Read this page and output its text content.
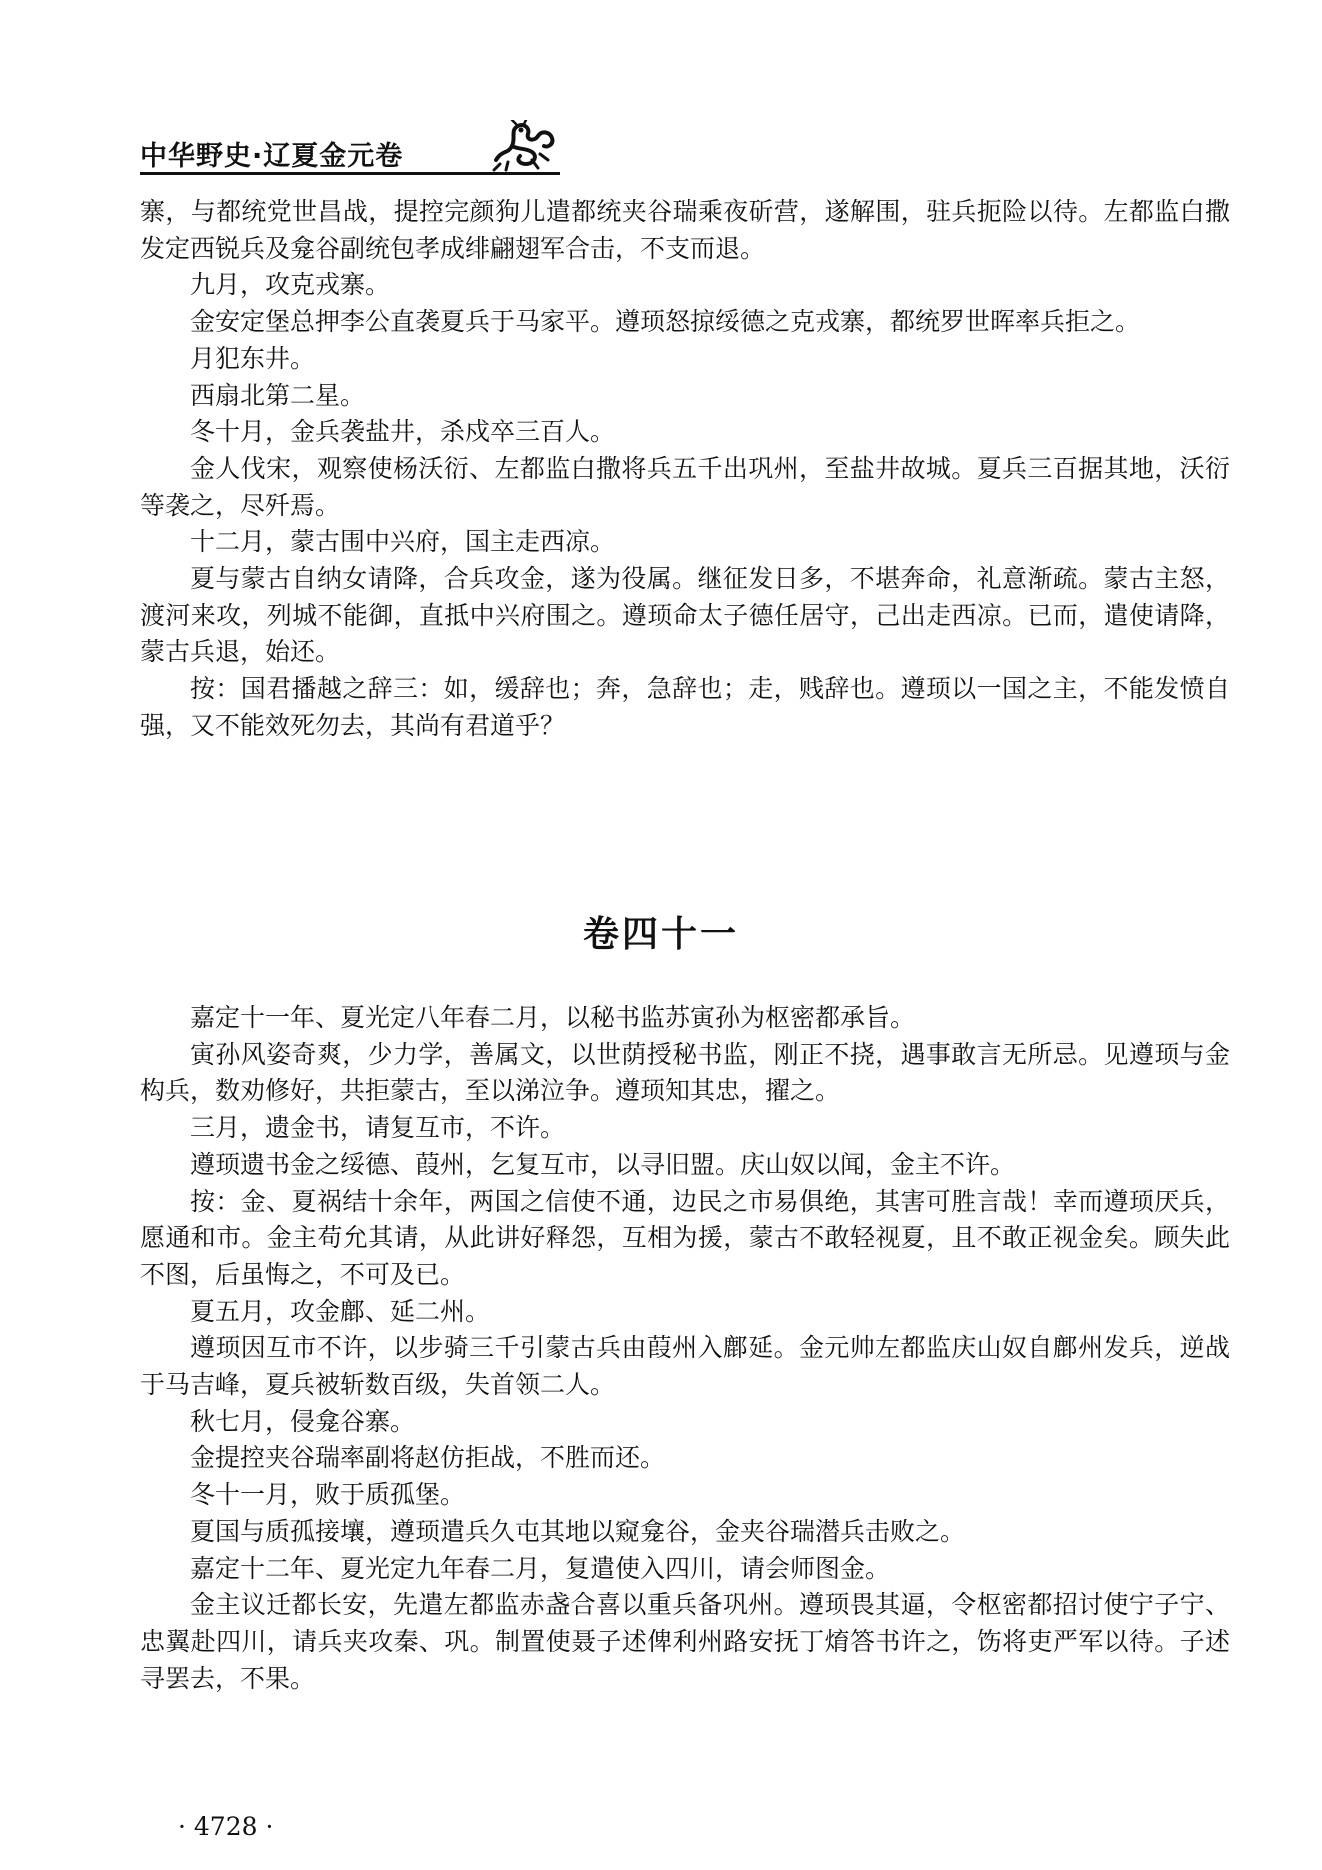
中华野史·辽夏金元卷

寨，与都统党世昌战，提控完颜狗儿遣都统夹谷瑞乘夜斫营，遂解围，驻兵扼险以待。左都监白撒发定西锐兵及龛谷副统包孝成绯翩翅军合击，不支而退。

九月，攻克戎寨。

金安定堡总押李公直袭夏兵于马家平。遵顼怒掠绥德之克戎寨，都统罗世晖率兵拒之。

月犯东井。

西扇北第二星。

冬十月，金兵袭盐井，杀戍卒三百人。

金人伐宋，观察使杨沃衍、左都监白撒将兵五千出巩州，至盐井故城。夏兵三百据其地，沃衍等袭之，尽歼焉。

十二月，蒙古围中兴府，国主走西凉。

夏与蒙古自纳女请降，合兵攻金，遂为役属。继征发日多，不堪奔命，礼意渐疏。蒙古主怒，渡河来攻，列城不能御，直抵中兴府围之。遵顼命太子德任居守，己出走西凉。已而，遣使请降，蒙古兵退，始还。

按：国君播越之辞三：如，缓辞也；奔，急辞也；走，贱辞也。遵顼以一国之主，不能发愤自强，又不能效死勿去，其尚有君道乎？

卷四十一

嘉定十一年、夏光定八年春二月，以秘书监苏寅孙为枢密都承旨。

寅孙风姿奇爽，少力学，善属文，以世荫授秘书监，刚正不挠，遇事敢言无所忌。见遵顼与金构兵，数劝修好，共拒蒙古，至以涕泣争。遵顼知其忠，擢之。

三月，遗金书，请复互市，不许。

遵顼遗书金之绥德、葭州，乞复互市，以寻旧盟。庆山奴以闻，金主不许。

按：金、夏祸结十余年，两国之信使不通，边民之市易俱绝，其害可胜言哉！幸而遵顼厌兵，愿通和市。金主苟允其请，从此讲好释怨，互相为援，蒙古不敢轻视夏，且不敢正视金矣。顾失此不图，后虽悔之，不可及已。

夏五月，攻金鄜、延二州。

遵顼因互市不许，以步骑三千引蒙古兵由葭州入鄜延。金元帅左都监庆山奴自鄜州发兵，逆战于马吉峰，夏兵被斩数百级，失首领二人。

秋七月，侵龛谷寨。

金提控夹谷瑞率副将赵仿拒战，不胜而还。

冬十一月，败于质孤堡。

夏国与质孤接壤，遵顼遣兵久屯其地以窥龛谷，金夹谷瑞潜兵击败之。

嘉定十二年、夏光定九年春二月，复遣使入四川，请会师图金。

金主议迁都长安，先遣左都监赤盏合喜以重兵备巩州。遵顼畏其逼，令枢密都招讨使宁子宁、忠翼赴四川，请兵夹攻秦、巩。制置使聂子述俾利州路安抚丁焴答书许之，饬将吏严军以待。子述寻罢去，不果。

· 4728 ·
